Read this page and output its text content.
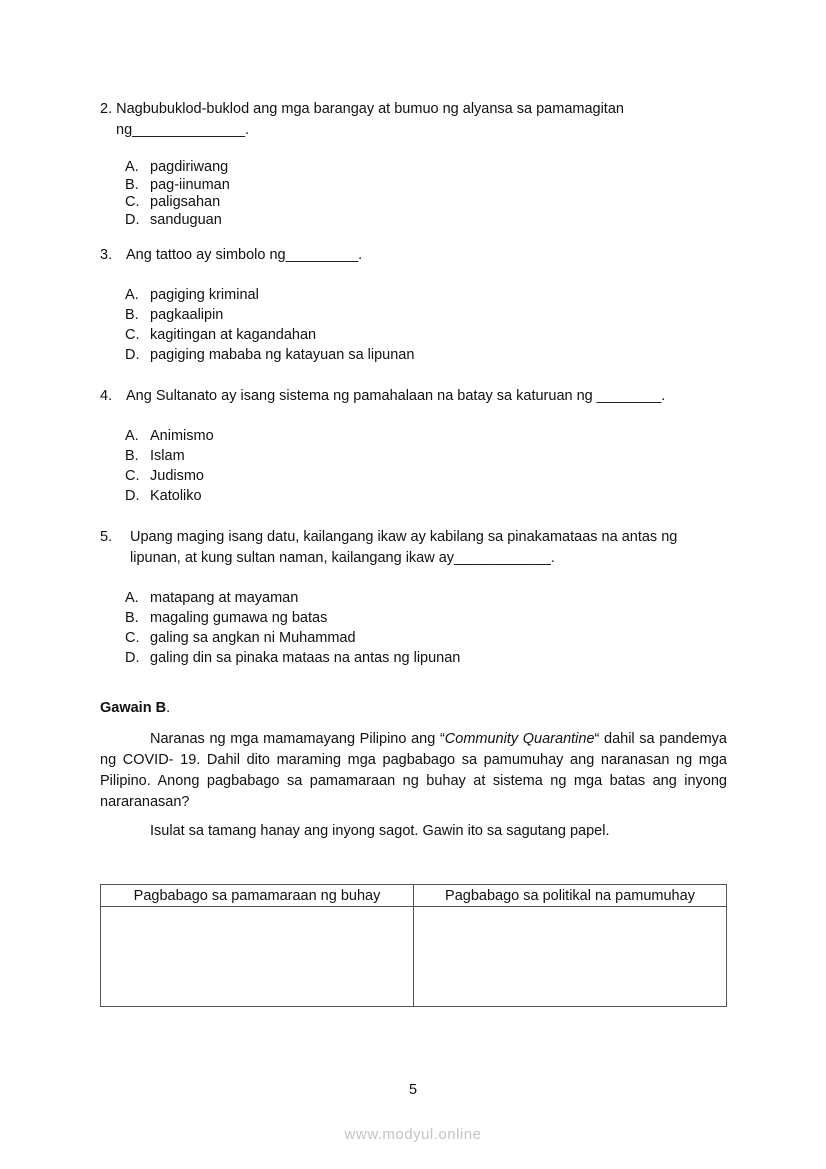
2. Nagbubuklod-buklod ang mga barangay at bumuo ng alyansa sa pamamagitan
ng______________.
A. pagdiriwang
B. pag-iinuman
C. paligsahan
D. sanduguan
3. Ang tattoo ay simbolo ng_________.
A. pagiging kriminal
B. pagkaalipin
C. kagitingan at kagandahan
D. pagiging mababa ng katayuan sa lipunan
4. Ang Sultanato ay isang sistema ng pamahalaan na batay sa katuruan ng ________.
A. Animismo
B. Islam
C. Judismo
D. Katoliko
5. Upang maging isang datu, kailangang ikaw ay kabilang sa pinakamataas na antas ng
lipunan, at kung sultan naman, kailangang ikaw ay____________.
A. matapang at mayaman
B. magaling gumawa ng batas
C. galing sa angkan ni Muhammad
D. galing din sa pinaka mataas na antas ng lipunan
Gawain B.
Naranas ng mga mamamayang Pilipino ang “Community Quarantine“ dahil sa pandemya ng COVID- 19. Dahil dito maraming mga pagbabago sa pamumuhay ang naranasan ng mga Pilipino. Anong pagbabago sa pamamaraan ng buhay at sistema ng mga batas ang inyong nararanasan?
Isulat sa tamang hanay ang inyong sagot. Gawin ito sa sagutang papel.
Pagbabago sa pamamaraan ng buhay	Pagbabago sa politikal na pamumuhay

5
www.modyul.online
